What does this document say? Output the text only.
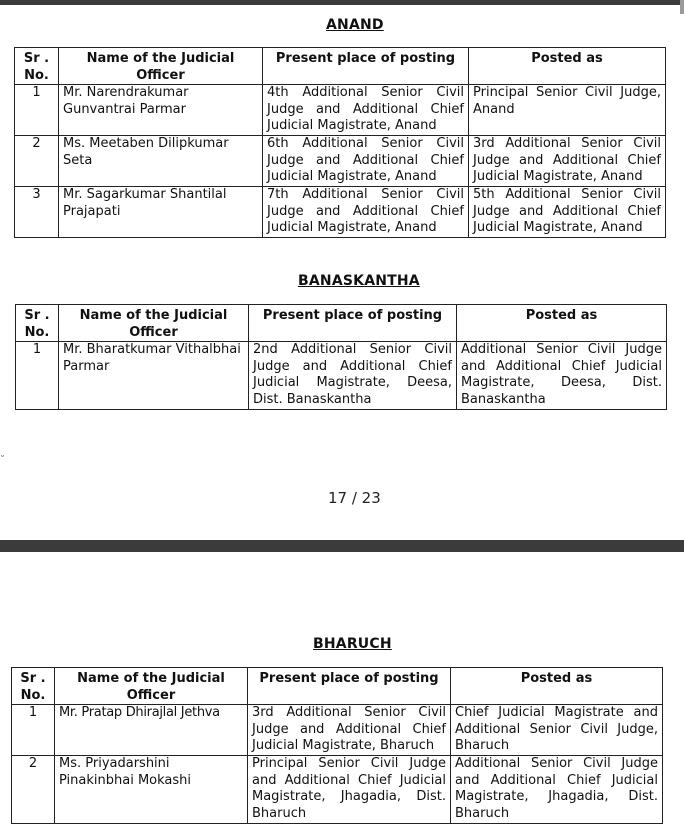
˘
ANAND
Sr . No.	Name of the Judicial Officer	Present place of posting	Posted as
1	Mr. Narendrakumar Gunvantrai Parmar	4th Additional Senior Civil Judge and Additional Chief Judicial Magistrate, Anand	Principal Senior Civil Judge, Anand
2	Ms. Meetaben Dilipkumar Seta	6th Additional Senior Civil Judge and Additional Chief Judicial Magistrate, Anand	3rd Additional Senior Civil Judge and Additional Chief Judicial Magistrate, Anand
3	Mr. Sagarkumar Shantilal Prajapati	7th Additional Senior Civil Judge and Additional Chief Judicial Magistrate, Anand	5th Additional Senior Civil Judge and Additional Chief Judicial Magistrate, Anand
BANASKANTHA
Sr . No.	Name of the Judicial Officer	Present place of posting	Posted as
1	Mr. Bharatkumar Vithalbhai Parmar	2nd Additional Senior Civil Judge and Additional Chief Judicial Magistrate, Deesa, Dist. Banaskantha	Additional Senior Civil Judge and Additional Chief Judicial Magistrate, Deesa, Dist. Banaskantha
17 / 23
BHARUCH
Sr . No.	Name of the Judicial Officer	Present place of posting	Posted as
1	Mr. Pratap Dhirajlal Jethva	3rd Additional Senior Civil Judge and Additional Chief Judicial Magistrate, Bharuch	Chief Judicial Magistrate and Additional Senior Civil Judge, Bharuch
2	Ms. Priyadarshini Pinakinbhai Mokashi	Principal Senior Civil Judge and Additional Chief Judicial Magistrate, Jhagadia, Dist. Bharuch	Additional Senior Civil Judge and Additional Chief Judicial Magistrate, Jhagadia, Dist. Bharuch
